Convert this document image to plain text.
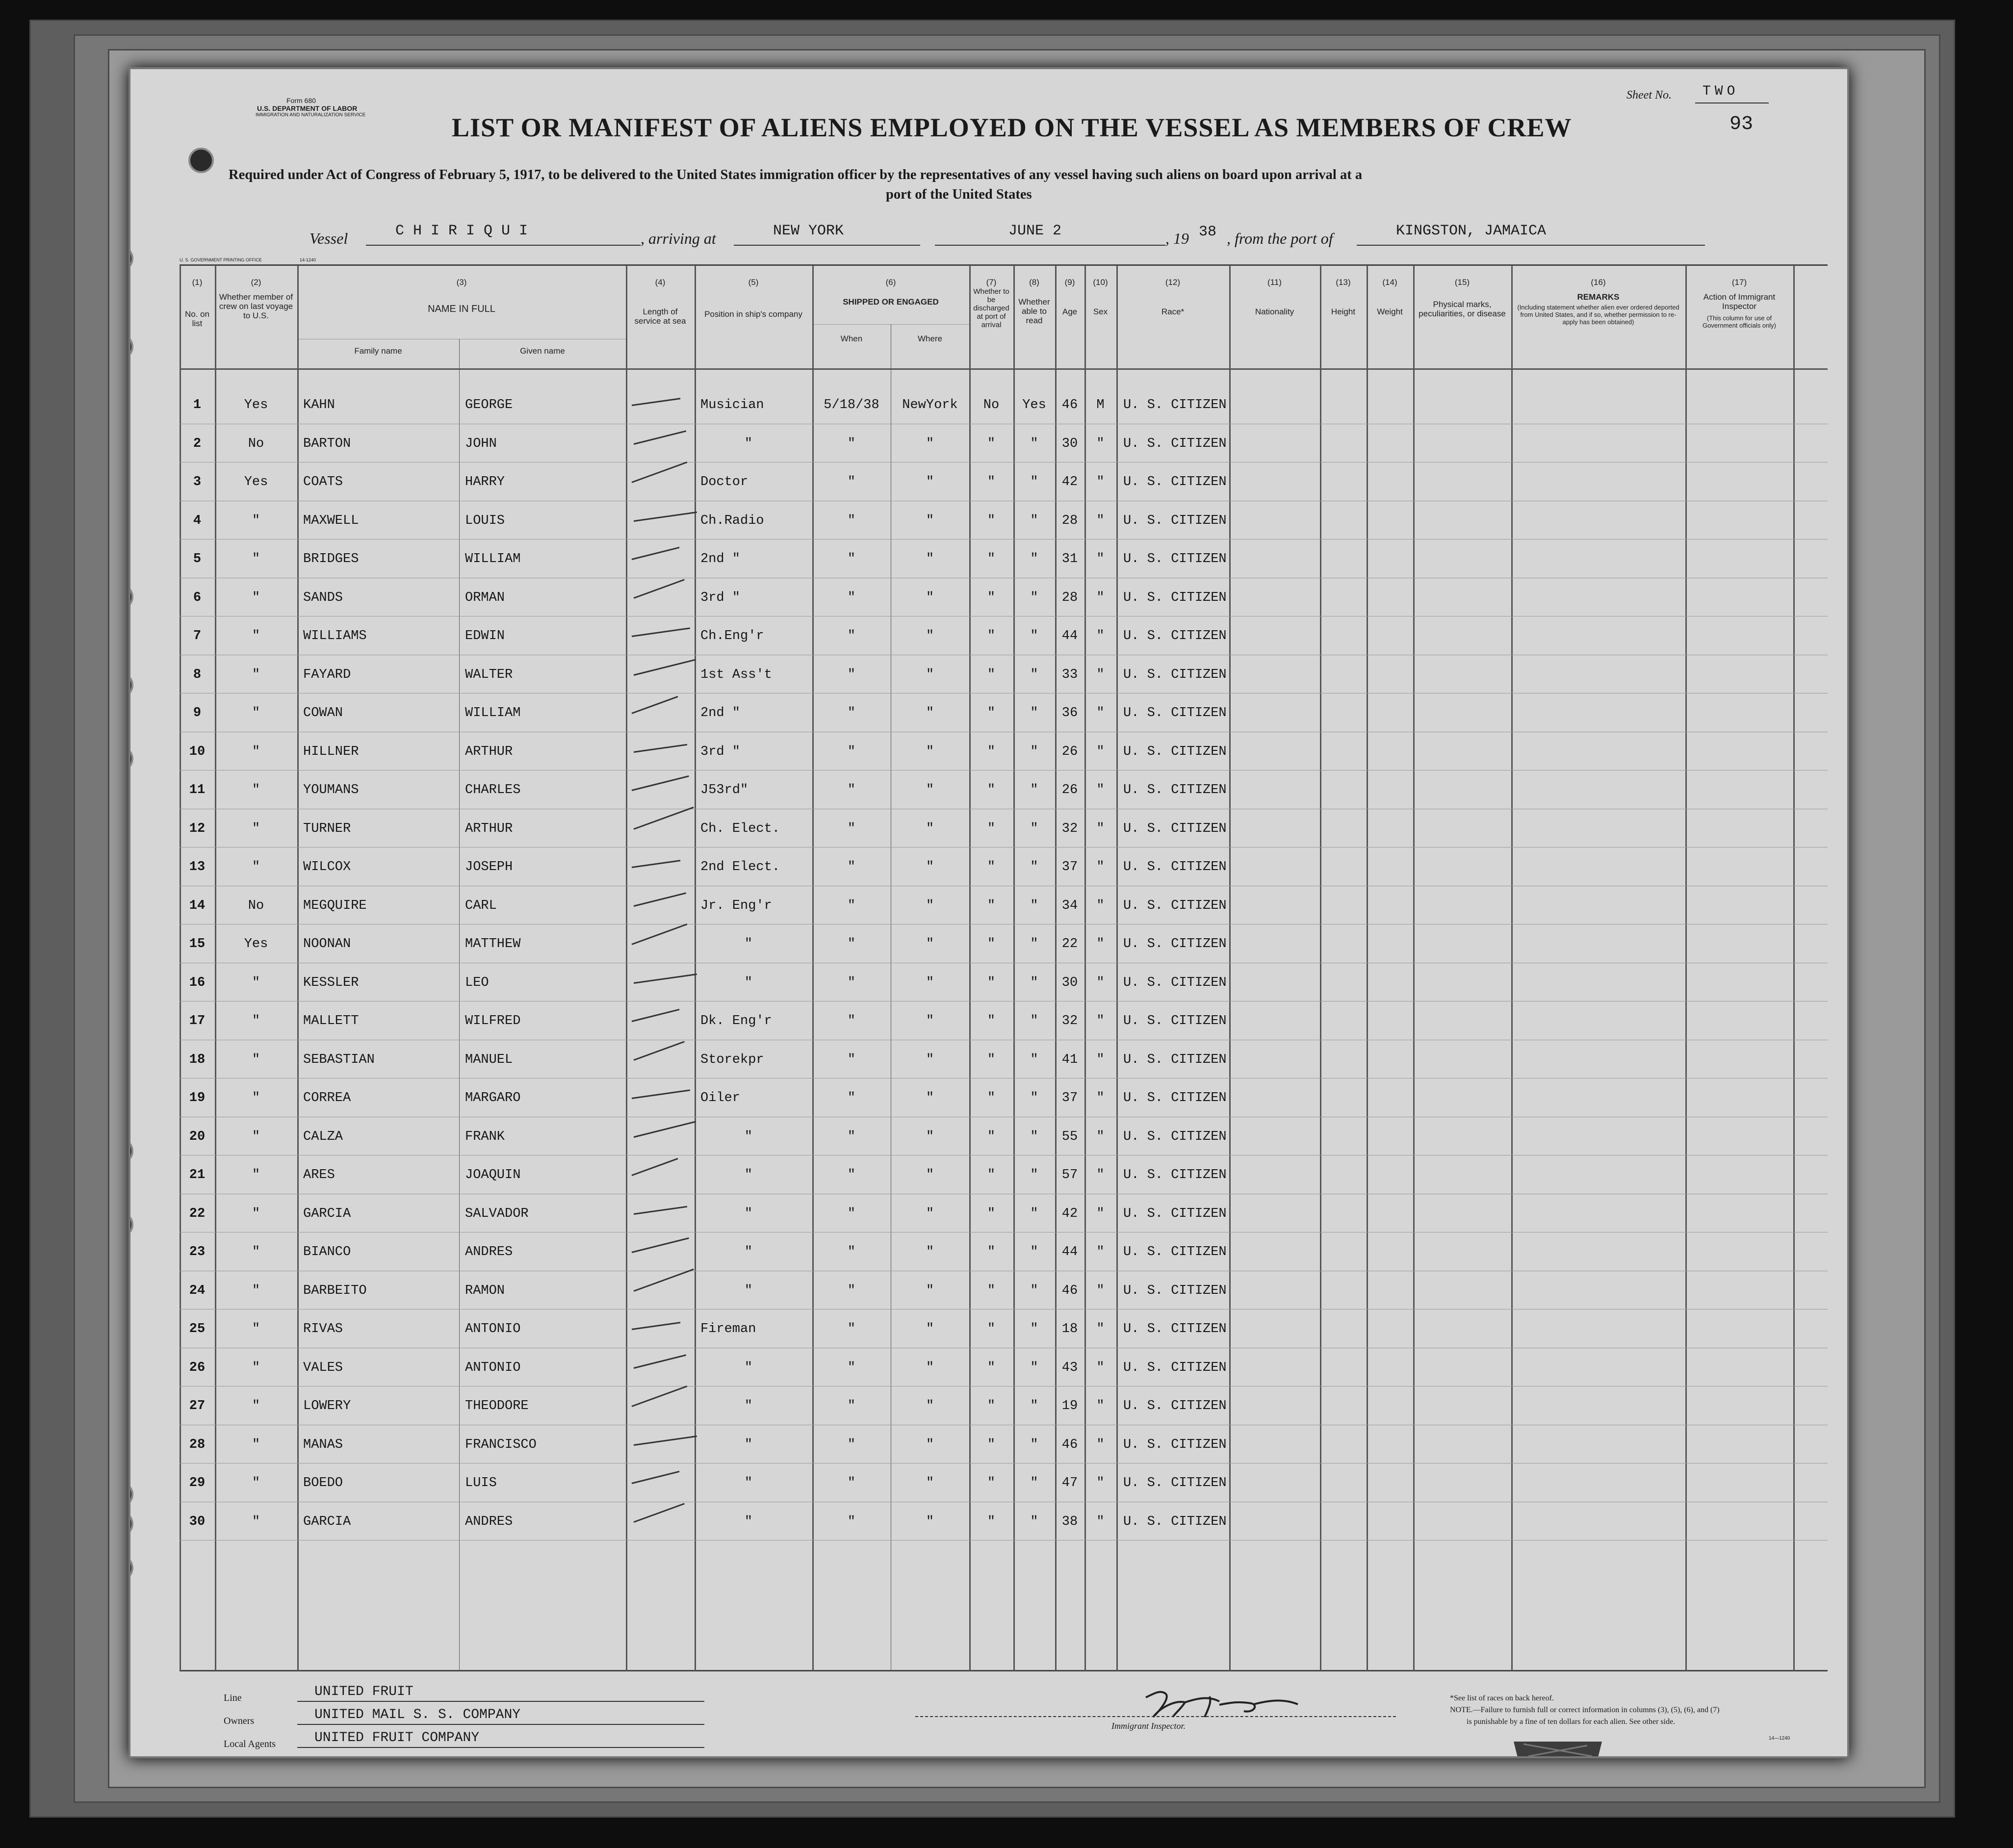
Form 680
U.S. DEPARTMENT OF LABOR
IMMIGRATION AND NATURALIZATION SERVICE
Sheet No. TWO
93
LIST OR MANIFEST OF ALIENS EMPLOYED ON THE VESSEL AS MEMBERS OF CREW
Required under Act of Congress of February 5, 1917, to be delivered to the United States immigration officer by the representatives of any vessel having such aliens on board upon arrival at a
port of the United States
Vessel	C H I R I Q U I	, arriving at	NEW YORK	JUNE 2	, 19 38 , from the port of	KINGSTON, JAMAICA
U. S. GOVERNMENT PRINTING OFFICE	14-1240
(1)
No. on list
(2)
Whether member of crew on last voyage to U.S.
(3)
NAME IN FULL
Family name	Given name
(4)
Length of service at sea
(5)
Position in ship's company
(6)
SHIPPED OR ENGAGED
When	Where
(7)
Whether to be discharged at port of arrival
(8)
Whether able to read
(9)
Age
(10)
Sex
(11)
Race*
(12)
Nationality
(13)
Height
(14)
Weight
(15)
Physical marks, peculiarities, or disease
(16)
REMARKS
(Including statement whether alien ever ordered deported from United States, and if so, whether permission to re-apply has been obtained)
(17)
Action of Immigrant Inspector
(This column for use of Government officials only)
1	Yes	KAHN	GEORGE	Musician	5/18/38	NewYork	No	Yes	46	M	U. S. CITIZEN
2	No	BARTON	JOHN	"	"	"	"	"	30	"	U. S. CITIZEN
3	Yes	COATS	HARRY	Doctor	"	"	"	"	42	"	U. S. CITIZEN
4	"	MAXWELL	LOUIS	Ch.Radio	"	"	"	"	28	"	U. S. CITIZEN
5	"	BRIDGES	WILLIAM	2nd "	"	"	"	"	31	"	U. S. CITIZEN
6	"	SANDS	ORMAN	3rd "	"	"	"	"	28	"	U. S. CITIZEN
7	"	WILLIAMS	EDWIN	Ch.Eng'r	"	"	"	"	44	"	U. S. CITIZEN
8	"	FAYARD	WALTER	1st Ass't	"	"	"	"	33	"	U. S. CITIZEN
9	"	COWAN	WILLIAM	2nd "	"	"	"	"	36	"	U. S. CITIZEN
10	"	HILLNER	ARTHUR	3rd "	"	"	"	"	26	"	U. S. CITIZEN
11	"	YOUMANS	CHARLES	J53rd"	"	"	"	"	26	"	U. S. CITIZEN
12	"	TURNER	ARTHUR	Ch. Elect.	"	"	"	"	32	"	U. S. CITIZEN
13	"	WILCOX	JOSEPH	2nd Elect.	"	"	"	"	37	"	U. S. CITIZEN
14	No	MEGQUIRE	CARL	Jr. Eng'r	"	"	"	"	34	"	U. S. CITIZEN
15	Yes	NOONAN	MATTHEW	"	"	"	"	"	22	"	U. S. CITIZEN
16	"	KESSLER	LEO	"	"	"	"	"	30	"	U. S. CITIZEN
17	"	MALLETT	WILFRED	Dk. Eng'r	"	"	"	"	32	"	U. S. CITIZEN
18	"	SEBASTIAN	MANUEL	Storekpr	"	"	"	"	41	"	U. S. CITIZEN
19	"	CORREA	MARGARO	Oiler	"	"	"	"	37	"	U. S. CITIZEN
20	"	CALZA	FRANK	"	"	"	"	"	55	"	U. S. CITIZEN
21	"	ARES	JOAQUIN	"	"	"	"	"	57	"	U. S. CITIZEN
22	"	GARCIA	SALVADOR	"	"	"	"	"	42	"	U. S. CITIZEN
23	"	BIANCO	ANDRES	"	"	"	"	"	44	"	U. S. CITIZEN
24	"	BARBEITO	RAMON	"	"	"	"	"	46	"	U. S. CITIZEN
25	"	RIVAS	ANTONIO	Fireman	"	"	"	"	18	"	U. S. CITIZEN
26	"	VALES	ANTONIO	"	"	"	"	"	43	"	U. S. CITIZEN
27	"	LOWERY	THEODORE	"	"	"	"	"	19	"	U. S. CITIZEN
28	"	MANAS	FRANCISCO	"	"	"	"	"	46	"	U. S. CITIZEN
29	"	BOEDO	LUIS	"	"	"	"	"	47	"	U. S. CITIZEN
30	"	GARCIA	ANDRES	"	"	"	"	"	38	"	U. S. CITIZEN
Line	UNITED FRUIT
Owners	UNITED MAIL S. S. COMPANY
Local Agents	UNITED FRUIT COMPANY
Immigrant Inspector.
*See list of races on back hereof.
NOTE.—Failure to furnish full or correct information in columns (3), (5), (6), and (7)
is punishable by a fine of ten dollars for each alien. See other side.
14—1240
